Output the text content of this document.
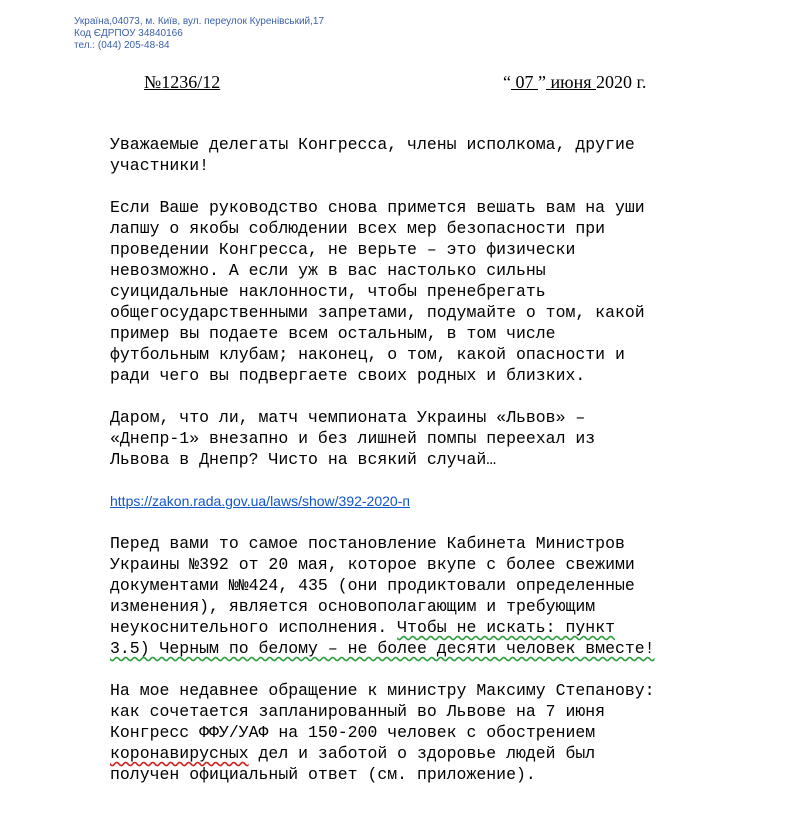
Україна,04073, м. Київ, вул. переулок Куренівський,17
Код ЄДРПОУ 34840166
тел.: (044) 205-48-84
№1236/12	“ 07 ” июня 2020 г.

Уважаемые делегаты Конгресса, члены исполкома, другие
участники!

Если Ваше руководство снова примется вешать вам на уши
лапшу о якобы соблюдении всех мер безопасности при
проведении Конгресса, не верьте – это физически
невозможно. А если уж в вас настолько сильны
суицидальные наклонности, чтобы пренебрегать
общегосударственными запретами, подумайте о том, какой
пример вы подаете всем остальным, в том числе
футбольным клубам; наконец, о том, какой опасности и
ради чего вы подвергаете своих родных и близких.

Даром, что ли, матч чемпионата Украины «Львов» –
«Днепр-1» внезапно и без лишней помпы переехал из
Львова в Днепр? Чисто на всякий случай…

https://zakon.rada.gov.ua/laws/show/392-2020-п

Перед вами то самое постановление Кабинета Министров
Украины №392 от 20 мая, которое вкупе с более свежими
документами №№424, 435 (они продиктовали определенные
изменения), является основополагающим и требующим
неукоснительного исполнения. Чтобы не искать: пункт
3.5) Черным по белому – не более десяти человек вместе!

На мое недавнее обращение к министру Максиму Степанову:
как сочетается запланированный во Львове на 7 июня
Конгресс ФФУ/УАФ на 150-200 человек с обострением
коронавирусных дел и заботой о здоровье людей был
получен официальный ответ (см. приложение).
